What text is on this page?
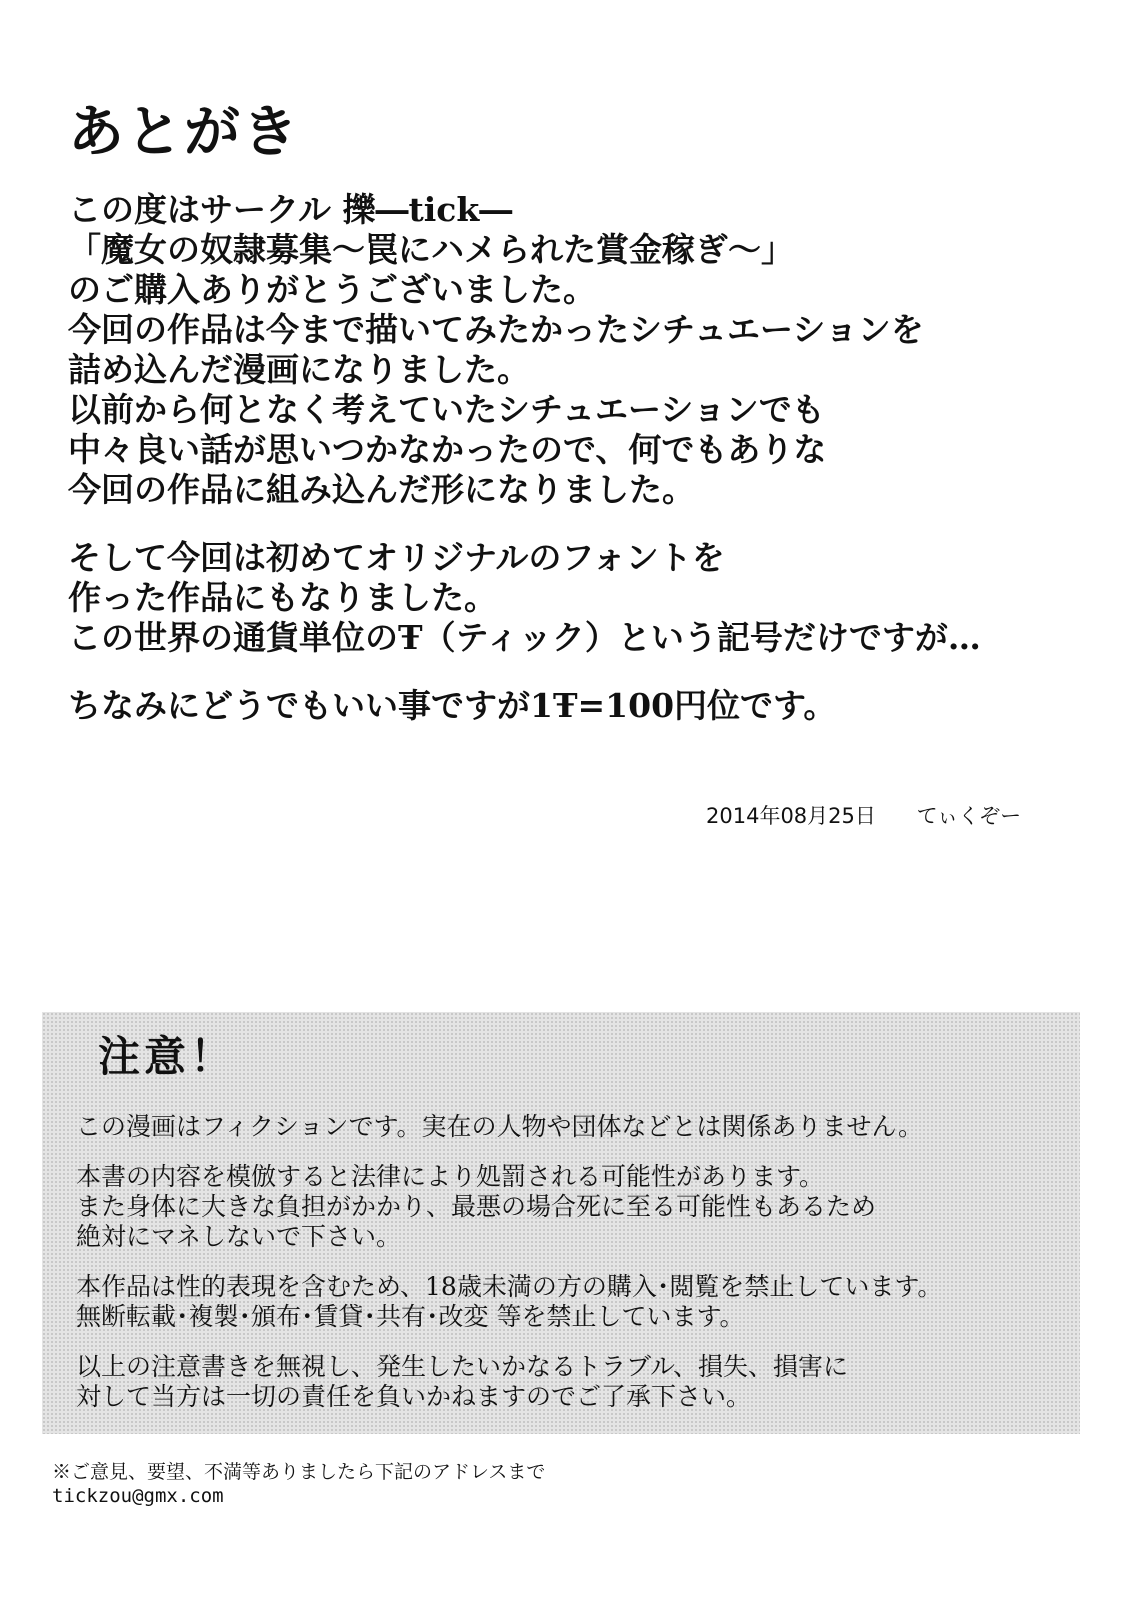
あとがき
この度はサークル 擽―tick―
「魔女の奴隷募集～罠にハメられた賞金稼ぎ～」
のご購入ありがとうございました。
今回の作品は今まで描いてみたかったシチュエーションを
詰め込んだ漫画になりました。
以前から何となく考えていたシチュエーションでも
中々良い話が思いつかなかったので、何でもありな
今回の作品に組み込んだ形になりました。
そして今回は初めてオリジナルのフォントを
作った作品にもなりました。
この世界の通貨単位のŦ（ティック）という記号だけですが…
ちなみにどうでもいい事ですが1Ŧ=100円位です。
2014年08月25日 てぃくぞー
注意！
この漫画はフィクションです。実在の人物や団体などとは関係ありません。
本書の内容を模倣すると法律により処罰される可能性があります。
また身体に大きな負担がかかり、最悪の場合死に至る可能性もあるため
絶対にマネしないで下さい。
本作品は性的表現を含むため、18歳未満の方の購入･閲覧を禁止しています。
無断転載･複製･頒布･賃貸･共有･改変 等を禁止しています。
以上の注意書きを無視し、発生したいかなるトラブル、損失、損害に
対して当方は一切の責任を負いかねますのでご了承下さい。
※ご意見、要望、不満等ありましたら下記のアドレスまで
tickzou@gmx.com
